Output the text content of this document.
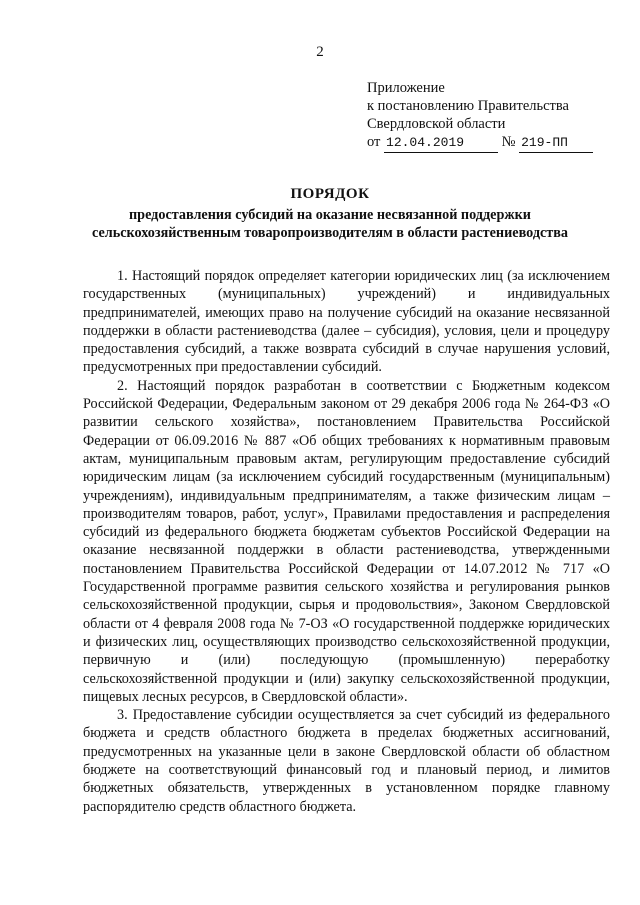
2
Приложение
к постановлению Правительства
Свердловской области
от 12.04.2019	№ 219-ПП
ПОРЯДОК
предоставления субсидий на оказание несвязанной поддержки сельскохозяйственным товаропроизводителям в области растениеводства

1. Настоящий порядок определяет категории юридических лиц (за исключением государственных (муниципальных) учреждений) и индивидуальных предпринимателей, имеющих право на получение субсидий на оказание несвязанной поддержки в области растениеводства (далее – субсидия), условия, цели и процедуру предоставления субсидий, а также возврата субсидий в случае нарушения условий, предусмотренных при предоставлении субсидий.

2. Настоящий порядок разработан в соответствии с Бюджетным кодексом Российской Федерации, Федеральным законом от 29 декабря 2006 года № 264-ФЗ «О развитии сельского хозяйства», постановлением Правительства Российской Федерации от 06.09.2016 № 887 «Об общих требованиях к нормативным правовым актам, муниципальным правовым актам, регулирующим предоставление субсидий юридическим лицам (за исключением субсидий государственным (муниципальным) учреждениям), индивидуальным предпринимателям, а также физическим лицам – производителям товаров, работ, услуг», Правилами предоставления и распределения субсидий из федерального бюджета бюджетам субъектов Российской Федерации на оказание несвязанной поддержки в области растениеводства, утвержденными постановлением Правительства Российской Федерации от 14.07.2012 № 717 «О Государственной программе развития сельского хозяйства и регулирования рынков сельскохозяйственной продукции, сырья и продовольствия», Законом Свердловской области от 4 февраля 2008 года № 7-ОЗ «О государственной поддержке юридических и физических лиц, осуществляющих производство сельскохозяйственной продукции, первичную и (или) последующую (промышленную) переработку сельскохозяйственной продукции и (или) закупку сельскохозяйственной продукции, пищевых лесных ресурсов, в Свердловской области».

3. Предоставление субсидии осуществляется за счет субсидий из федерального бюджета и средств областного бюджета в пределах бюджетных ассигнований, предусмотренных на указанные цели в законе Свердловской области об областном бюджете на соответствующий финансовый год и плановый период, и лимитов бюджетных обязательств, утвержденных в установленном порядке главному распорядителю средств областного бюджета.
